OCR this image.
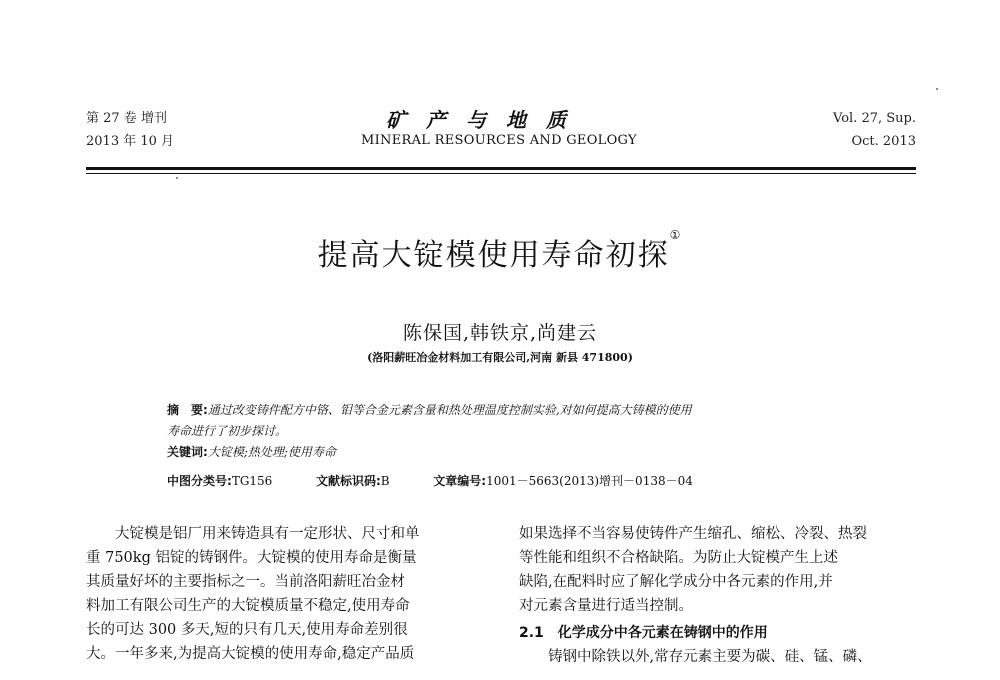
第 27 卷 增刊
2013 年 10 月
矿产与地质
MINERAL RESOURCES AND GEOLOGY
Vol. 27, Sup.
Oct. 2013
提高大锭模使用寿命初探①
陈保国,韩铁京,尚建云
(洛阳薪旺冶金材料加工有限公司,河南 新县 471800)
摘　要:通过改变铸件配方中铬、钼等合金元素含量和热处理温度控制实验,对如何提高大铸模的使用
寿命进行了初步探讨。
关键词:大锭模;热处理;使用寿命
中图分类号:TG156	文献标识码:B	文章编号:1001－5663(2013)增刊－0138－04

大锭模是铝厂用来铸造具有一定形状、尺寸和单

重 750kg 铝锭的铸钢件。大锭模的使用寿命是衡量

其质量好坏的主要指标之一。当前洛阳薪旺冶金材

料加工有限公司生产的大锭模质量不稳定,使用寿命

长的可达 300 多天,短的只有几天,使用寿命差别很

大。一年多来,为提高大锭模的使用寿命,稳定产品质

如果选择不当容易使铸件产生缩孔、缩松、冷裂、热裂

等性能和组织不合格缺陷。为防止大锭模产生上述

缺陷,在配料时应了解化学成分中各元素的作用,并

对元素含量进行适当控制。

2.1　化学成分中各元素在铸钢中的作用

铸钢中除铁以外,常存元素主要为碳、硅、锰、磷、
